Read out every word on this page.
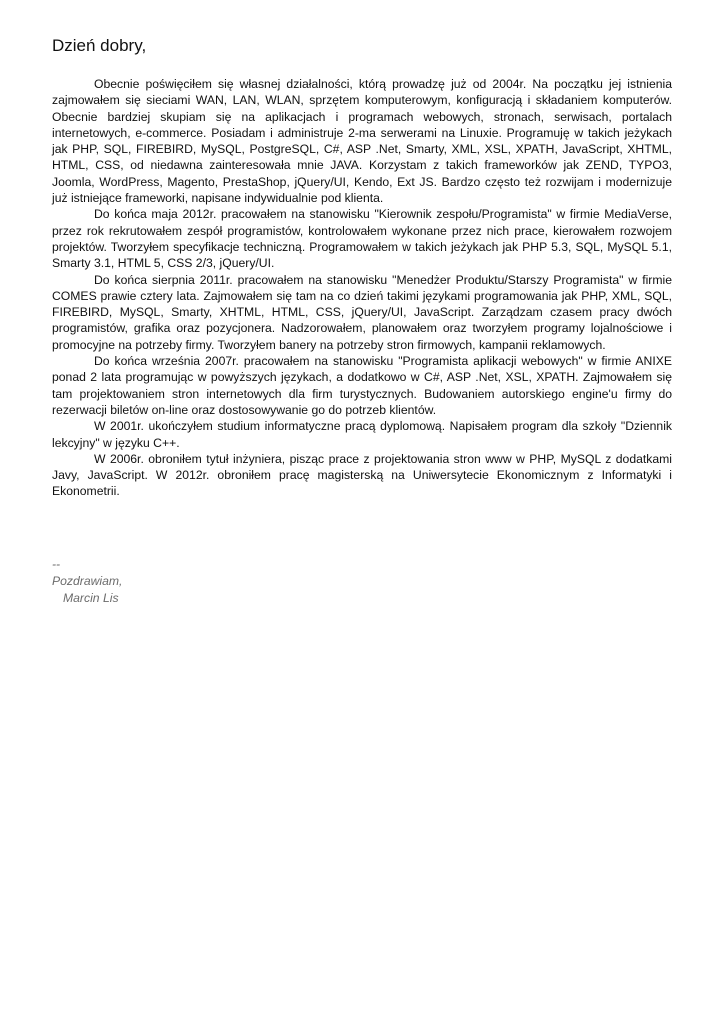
Dzień dobry,

Obecnie poświęciłem się własnej działalności, którą prowadzę już od 2004r. Na początku jej istnienia zajmowałem się sieciami WAN, LAN, WLAN, sprzętem komputerowym, konfiguracją i składaniem komputerów. Obecnie bardziej skupiam się na aplikacjach i programach webowych, stronach, serwisach, portalach internetowych, e-commerce. Posiadam i administruje 2-ma serwerami na Linuxie. Programuję w takich jeżykach jak PHP, SQL, FIREBIRD, MySQL, PostgreSQL, C#, ASP .Net, Smarty, XML, XSL, XPATH, JavaScript, XHTML, HTML, CSS, od niedawna zainteresowała mnie JAVA. Korzystam z takich frameworków jak ZEND, TYPO3, Joomla, WordPress, Magento, PrestaShop, jQuery/UI, Kendo, Ext JS. Bardzo często też rozwijam i modernizuje już istniejące frameworki, napisane indywidualnie pod klienta.

Do końca maja 2012r. pracowałem na stanowisku "Kierownik zespołu/Programista" w firmie MediaVerse, przez rok rekrutowałem zespół programistów, kontrolowałem wykonane przez nich prace, kierowałem rozwojem projektów. Tworzyłem specyfikacje techniczną. Programowałem w takich jeżykach jak PHP 5.3, SQL, MySQL 5.1, Smarty 3.1, HTML 5, CSS 2/3, jQuery/UI.

Do końca sierpnia 2011r. pracowałem na stanowisku "Menedżer Produktu/Starszy Programista" w firmie COMES prawie cztery lata. Zajmowałem się tam na co dzień takimi językami programowania jak PHP, XML, SQL, FIREBIRD, MySQL, Smarty, XHTML, HTML, CSS, jQuery/UI, JavaScript. Zarządzam czasem pracy dwóch programistów, grafika oraz pozycjonera. Nadzorowałem, planowałem oraz tworzyłem programy lojalnościowe i promocyjne na potrzeby firmy. Tworzyłem banery na potrzeby stron firmowych, kampanii reklamowych.

Do końca września 2007r. pracowałem na stanowisku "Programista aplikacji webowych" w firmie ANIXE ponad 2 lata programując w powyższych językach, a dodatkowo w C#, ASP .Net, XSL, XPATH. Zajmowałem się tam projektowaniem stron internetowych dla firm turystycznych. Budowaniem autorskiego engine'u firmy do rezerwacji biletów on-line oraz dostosowywanie go do potrzeb klientów.

W 2001r. ukończyłem studium informatyczne pracą dyplomową. Napisałem program dla szkoły "Dziennik lekcyjny" w języku C++.

W 2006r. obroniłem tytuł inżyniera, pisząc prace z projektowania stron www w PHP, MySQL z dodatkami Javy, JavaScript. W 2012r. obroniłem pracę magisterską na Uniwersytecie Ekonomicznym z Informatyki i Ekonometrii.

--
Pozdrawiam,
Marcin Lis
